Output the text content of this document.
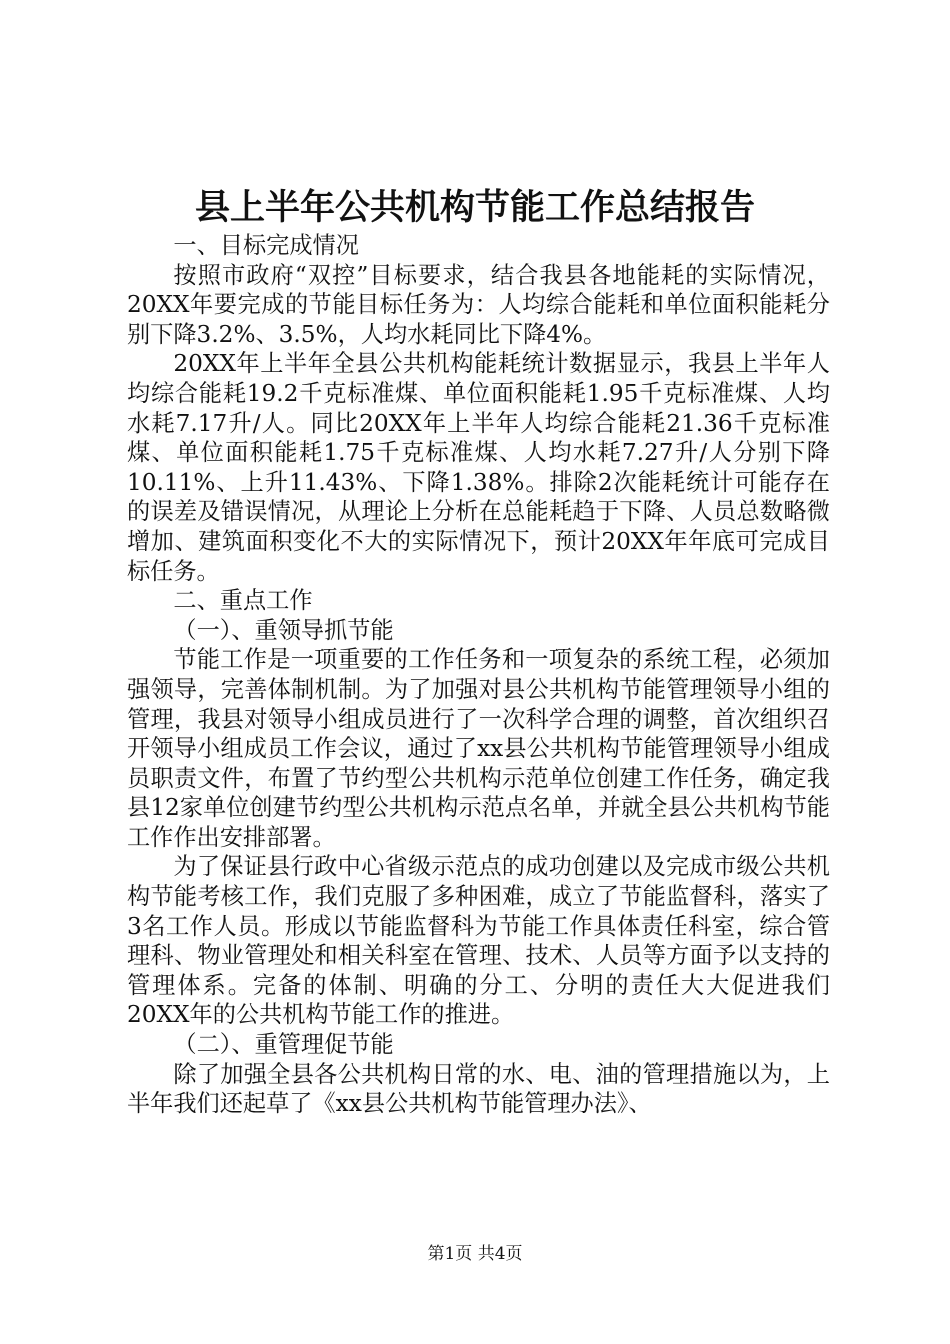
县上半年公共机构节能工作总结报告

一、目标完成情况

按照市政府“双控”目标要求，结合我县各地能耗的实际情况，20XX年要完成的节能目标任务为：人均综合能耗和单位面积能耗分别下降3.2%、3.5%，人均水耗同比下降4%。

20XX年上半年全县公共机构能耗统计数据显示，我县上半年人均综合能耗19.2千克标准煤、单位面积能耗1.95千克标准煤、人均水耗7.17升/人。同比20XX年上半年人均综合能耗21.36千克标准煤、单位面积能耗1.75千克标准煤、人均水耗7.27升/人分别下降10.11%、上升11.43%、下降1.38%。排除2次能耗统计可能存在的误差及错误情况，从理论上分析在总能耗趋于下降、人员总数略微增加、建筑面积变化不大的实际情况下，预计20XX年年底可完成目标任务。

二、重点工作

（一）、重领导抓节能

节能工作是一项重要的工作任务和一项复杂的系统工程，必须加强领导，完善体制机制。为了加强对县公共机构节能管理领导小组的管理，我县对领导小组成员进行了一次科学合理的调整，首次组织召开领导小组成员工作会议，通过了xx县公共机构节能管理领导小组成员职责文件，布置了节约型公共机构示范单位创建工作任务，确定我县12家单位创建节约型公共机构示范点名单，并就全县公共机构节能工作作出安排部署。

为了保证县行政中心省级示范点的成功创建以及完成市级公共机构节能考核工作，我们克服了多种困难，成立了节能监督科，落实了3名工作人员。形成以节能监督科为节能工作具体责任科室，综合管理科、物业管理处和相关科室在管理、技术、人员等方面予以支持的管理体系。完备的体制、明确的分工、分明的责任大大促进我们20XX年的公共机构节能工作的推进。

（二）、重管理促节能

除了加强全县各公共机构日常的水、电、油的管理措施以为，上半年我们还起草了《xx县公共机构节能管理办法》、

第1页 共4页
